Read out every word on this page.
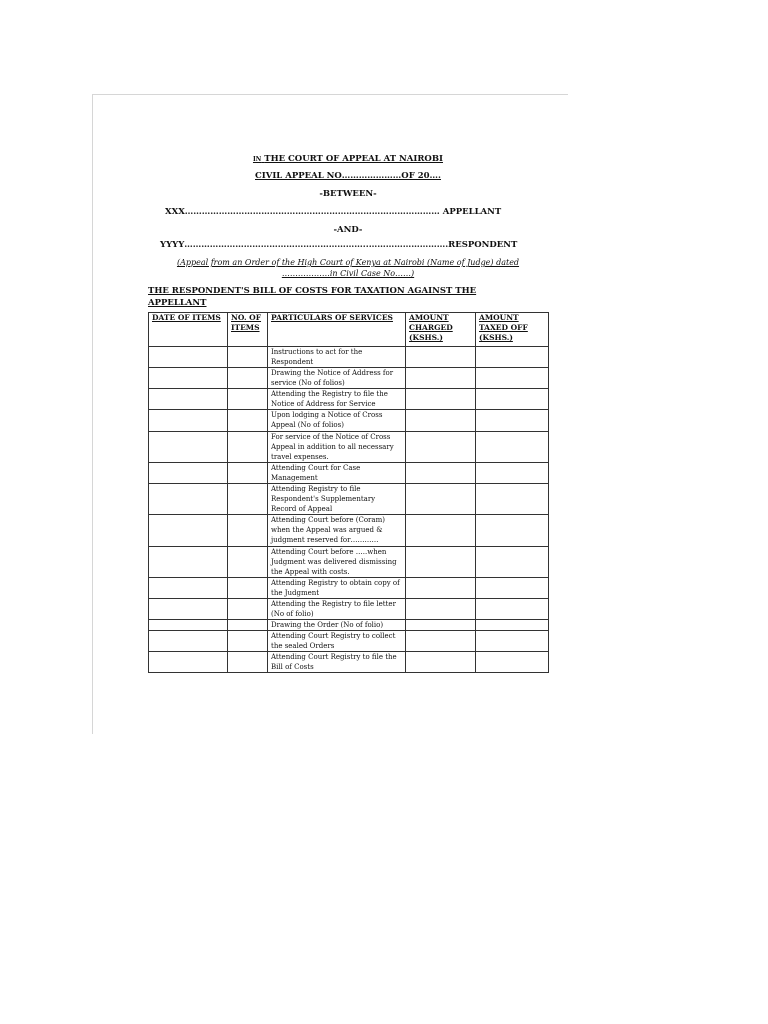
IN THE COURT OF APPEAL AT NAIROBI
CIVIL APPEAL NO…………………OF 20….
-BETWEEN-
XXX……………………………………………………………………………… APPELLANT
-AND-
YYYY………………………………………………………..……………………….RESPONDENT
(Appeal from an Order of the High Court of Kenya at Nairobi (Name of Judge) dated
………………in Civil Case No……)
THE RESPONDENT'S BILL OF COSTS FOR TAXATION AGAINST THE APPELLANT
DATE OF ITEMS	NO. OF ITEMS	PARTICULARS OF SERVICES	AMOUNT CHARGED (KSHS.)	AMOUNT TAXED OFF (KSHS.)
		Instructions to act for the Respondent		
		Drawing the Notice of Address for service (No of folios)		
		Attending the Registry to file the Notice of Address for Service		
		Upon lodging a Notice of Cross Appeal (No of folios)		
		For service of the Notice of Cross Appeal in addition to all necessary travel expenses.		
		Attending Court for Case Management		
		Attending Registry to file Respondent's Supplementary Record of Appeal		
		Attending Court before (Coram) when the Appeal was argued & judgment reserved for…………		
		Attending Court before …..when Judgment was delivered dismissing the Appeal with costs.		
		Attending Registry to obtain copy of the Judgment		
		Attending the Registry to file letter (No of folio)		
		Drawing the Order (No of folio)		
		Attending Court Registry to collect the sealed Orders		
		Attending Court Registry to file the Bill of Costs		
